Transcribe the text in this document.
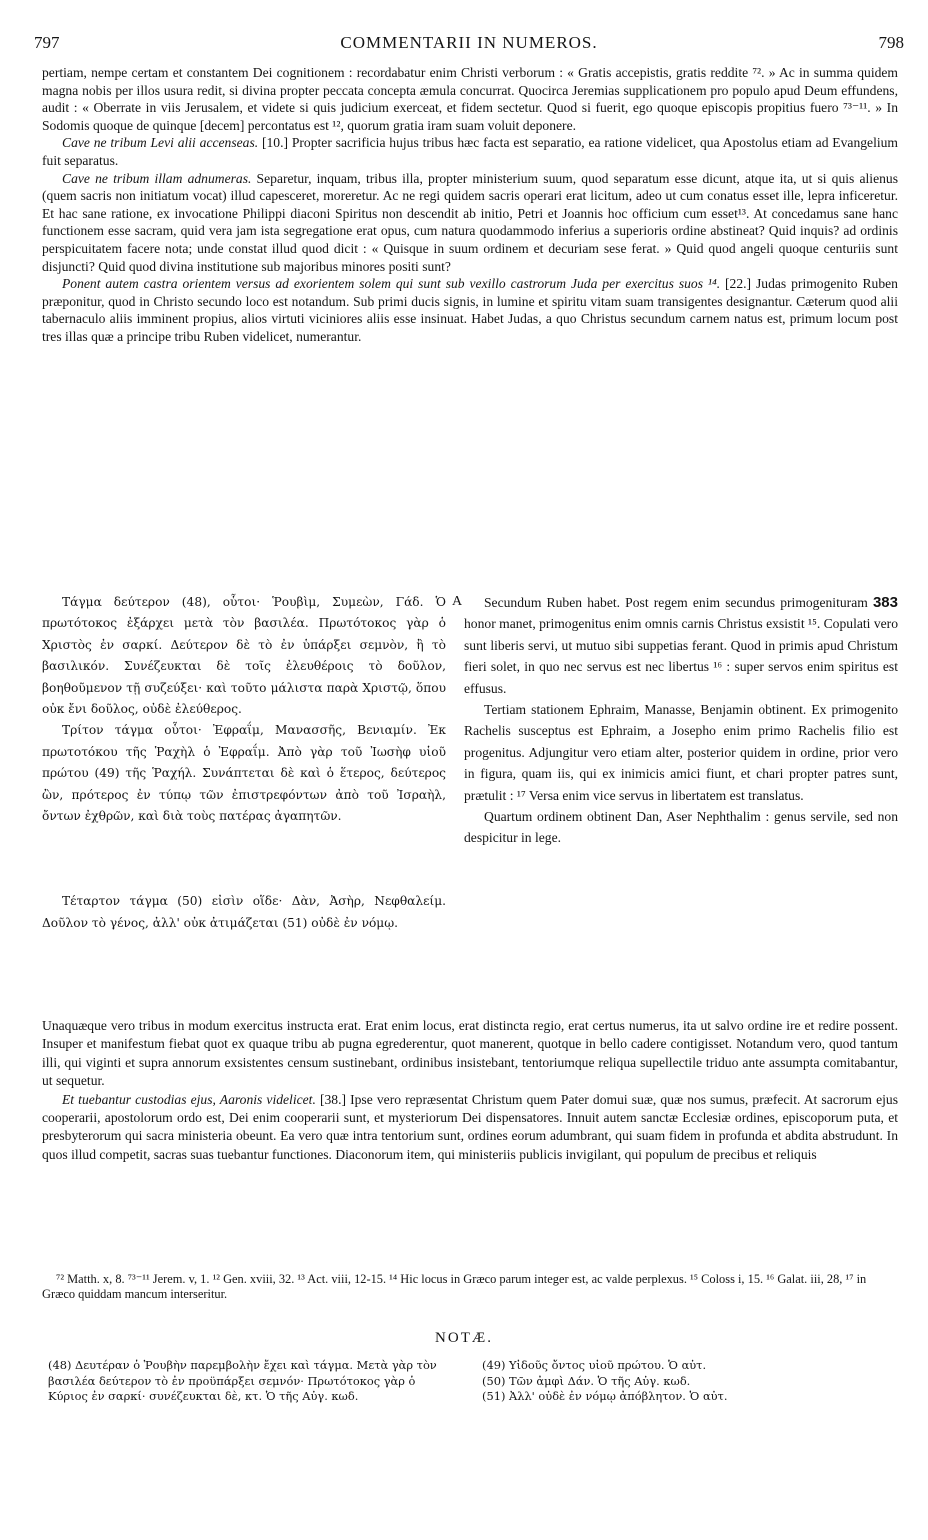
797	COMMENTARII IN NUMEROS.	798

pertiam, nempe certam et constantem Dei cognitionem : recordabatur enim Christi verborum : « Gratis accepistis, gratis reddite ⁷². » Ac in summa quidem magna nobis per illos usura redit, si divina propter peccata concepta æmula concurrat. Quocirca Jeremias supplicationem pro populo apud Deum effundens, audit : « Oberrate in viis Jerusalem, et videte si quis judicium exerceat, et fidem sectetur. Quod si fuerit, ego quoque episcopis propitius fuero ⁷³⁻¹¹. » In Sodomis quoque de quinque [decem] percontatus est ¹², quorum gratia iram suam voluit deponere.

Cave ne tribum Levi alii accenseas. [10.] Propter sacrificia hujus tribus hæc facta est separatio, ea ratione videlicet, qua Apostolus etiam ad Evangelium fuit separatus.

Cave ne tribum illam adnumeras. Separetur, inquam, tribus illa, propter ministerium suum, quod separatum esse dicunt, atque ita, ut si quis alienus (quem sacris non initiatum vocat) illud capesceret, moreretur. Ac ne regi quidem sacris operari erat licitum, adeo ut cum conatus esset ille, lepra inficeretur. Et hac sane ratione, ex invocatione Philippi diaconi Spiritus non descendit ab initio, Petri et Joannis hoc officium cum esset¹³. At concedamus sane hanc functionem esse sacram, quid vera jam ista segregatione erat opus, cum natura quodammodo inferius a superioris ordine abstineat? Quid inquis? ad ordinis perspicuitatem facere nota; unde constat illud quod dicit : « Quisque in suum ordinem et decuriam sese ferat. » Quid quod angeli quoque centuriis sunt disjuncti? Quid quod divina institutione sub majoribus minores positi sunt?

Ponent autem castra orientem versus ad exorientem solem qui sunt sub vexillo castrorum Juda per exercitus suos ¹⁴. [22.] Judas primogenito Ruben præponitur, quod in Christo secundo loco est notandum. Sub primi ducis signis, in lumine et spiritu vitam suam transigentes designantur. Cæterum quod alii tabernaculo aliis imminent propius, alios virtuti viciniores aliis esse insinuat. Habet Judas, a quo Christus secundum carnem natus est, primum locum post tres illas quæ a principe tribu Ruben videlicet, numerantur.

Τάγμα δεύτερον (48), οὗτοι· Ῥουβὶμ, Συμεὼν, Γάδ. Ὁ πρωτότοκος ἐξάρχει μετὰ τὸν βασιλέα. Πρωτότοκος γὰρ ὁ Χριστὸς ἐν σαρκί. Δεύτερον δὲ τὸ ἐν ὑπάρξει σεμνὸν, ἢ τὸ βασιλικόν. Συνέζευκται δὲ τοῖς ἐλευθέροις τὸ δοῦλον, βοηθοῦμενον τῇ συζεύξει· καὶ τοῦτο μάλιστα παρὰ Χριστῷ, ὅπου οὐκ ἔνι δοῦλος, οὐδὲ ἐλεύθερος.

Τρίτον τάγμα οὗτοι· Ἐφραΐμ, Μανασσῆς, Βενιαμίν. Ἐκ πρωτοτόκου τῆς Ῥαχὴλ ὁ Ἐφραΐμ. Ἀπὸ γὰρ τοῦ Ἰωσὴφ υἱοῦ πρώτου (49) τῆς Ῥαχήλ. Συνάπτεται δὲ καὶ ὁ ἕτερος, δεύτερος ὢν, πρότερος ἐν τύπῳ τῶν ἐπιστρεφόντων ἀπὸ τοῦ Ἰσραὴλ, ὄντων ἐχθρῶν, καὶ διὰ τοὺς πατέρας ἀγαπητῶν.

Τέταρτον τάγμα (50) εἰσὶν οἵδε· Δὰν, Ἀσὴρ, Νεφθαλείμ. Δοῦλον τὸ γένος, ἀλλ' οὐκ ἀτιμάζεται (51) οὐδὲ ἐν νόμῳ.

A	Secundum Ruben habet. Post regem enim secundus primogenituram 383 honor manet, primogenitus enim omnis carnis Christus exsistit ¹⁵. Copulati vero sunt liberis servi, ut mutuo sibi suppetias ferant. Quod in primis apud Christum fieri solet, in quo nec servus est nec libertus ¹⁶ : super servos enim spiritus est effusus.

Tertiam stationem Ephraim, Manasse, Benjamin obtinent. Ex primogenito Rachelis susceptus est Ephraim, a Josepho enim primo Rachelis filio est progenitus. Adjungitur vero etiam alter, posterior quidem in ordine, prior vero in figura, quam iis, qui ex inimicis amici fiunt, et chari propter patres sunt, prætulit : ¹⁷ Versa enim vice servus in libertatem est translatus.

Quartum ordinem obtinent Dan, Aser Nephthalim : genus servile, sed non despicitur in lege.

Unaquæque vero tribus in modum exercitus instructa erat. Erat enim locus, erat distincta regio, erat certus numerus, ita ut salvo ordine ire et redire possent. Insuper et manifestum fiebat quot ex quaque tribu ab pugna egrederentur, quot manerent, quotque in bello cadere contigisset. Notandum vero, quod tantum illi, qui viginti et supra annorum exsistentes censum sustinebant, ordinibus insistebant, tentoriumque reliqua supellectile triduo ante assumpta comitabantur, ut sequetur.

Et tuebantur custodias ejus, Aaronis videlicet. [38.] Ipse vero repræsentat Christum quem Pater domui suæ, quæ nos sumus, præfecit. At sacrorum ejus cooperarii, apostolorum ordo est, Dei enim cooperarii sunt, et mysteriorum Dei dispensatores. Innuit autem sanctæ Ecclesiæ ordines, episcoporum puta, et presbyterorum qui sacra ministeria obeunt. Ea vero quæ intra tentorium sunt, ordines eorum adumbrant, qui suam fidem in profunda et abdita abstrudunt. In quos illud competit, sacras suas tuebantur functiones. Diaconorum item, qui ministeriis publicis invigilant, qui populum de precibus et reliquis

⁷² Matth. x, 8. ⁷³⁻¹¹ Jerem. v, 1. ¹² Gen. xviii, 32. ¹³ Act. viii, 12-15. ¹⁴ Hic locus in Græco parum integer est, ac valde perplexus. ¹⁵ Coloss i, 15. ¹⁶ Galat. iii, 28, ¹⁷ in Græco quiddam mancum interseritur.
NOTÆ.

(48) Δευτέραν ὁ Ῥουβὴν παρεμβολὴν ἔχει καὶ τάγμα. Μετὰ γὰρ τὸν βασιλέα δεύτερον τὸ ἐν προϋπάρξει σεμνόν· Πρωτότοκος γὰρ ὁ Κύριος ἐν σαρκί· συνέζευκται δὲ, κτ. Ὁ τῆς Αὐγ. κωδ.

(49) Υἱδοῦς ὄντος υἱοῦ πρώτου. Ὁ αὐτ.

(50) Τῶν ἀμφὶ Δάν. Ὁ τῆς Αὐγ. κωδ.

(51) Ἀλλ' οὐδὲ ἐν νόμῳ ἀπόβλητον. Ὁ αὐτ.
